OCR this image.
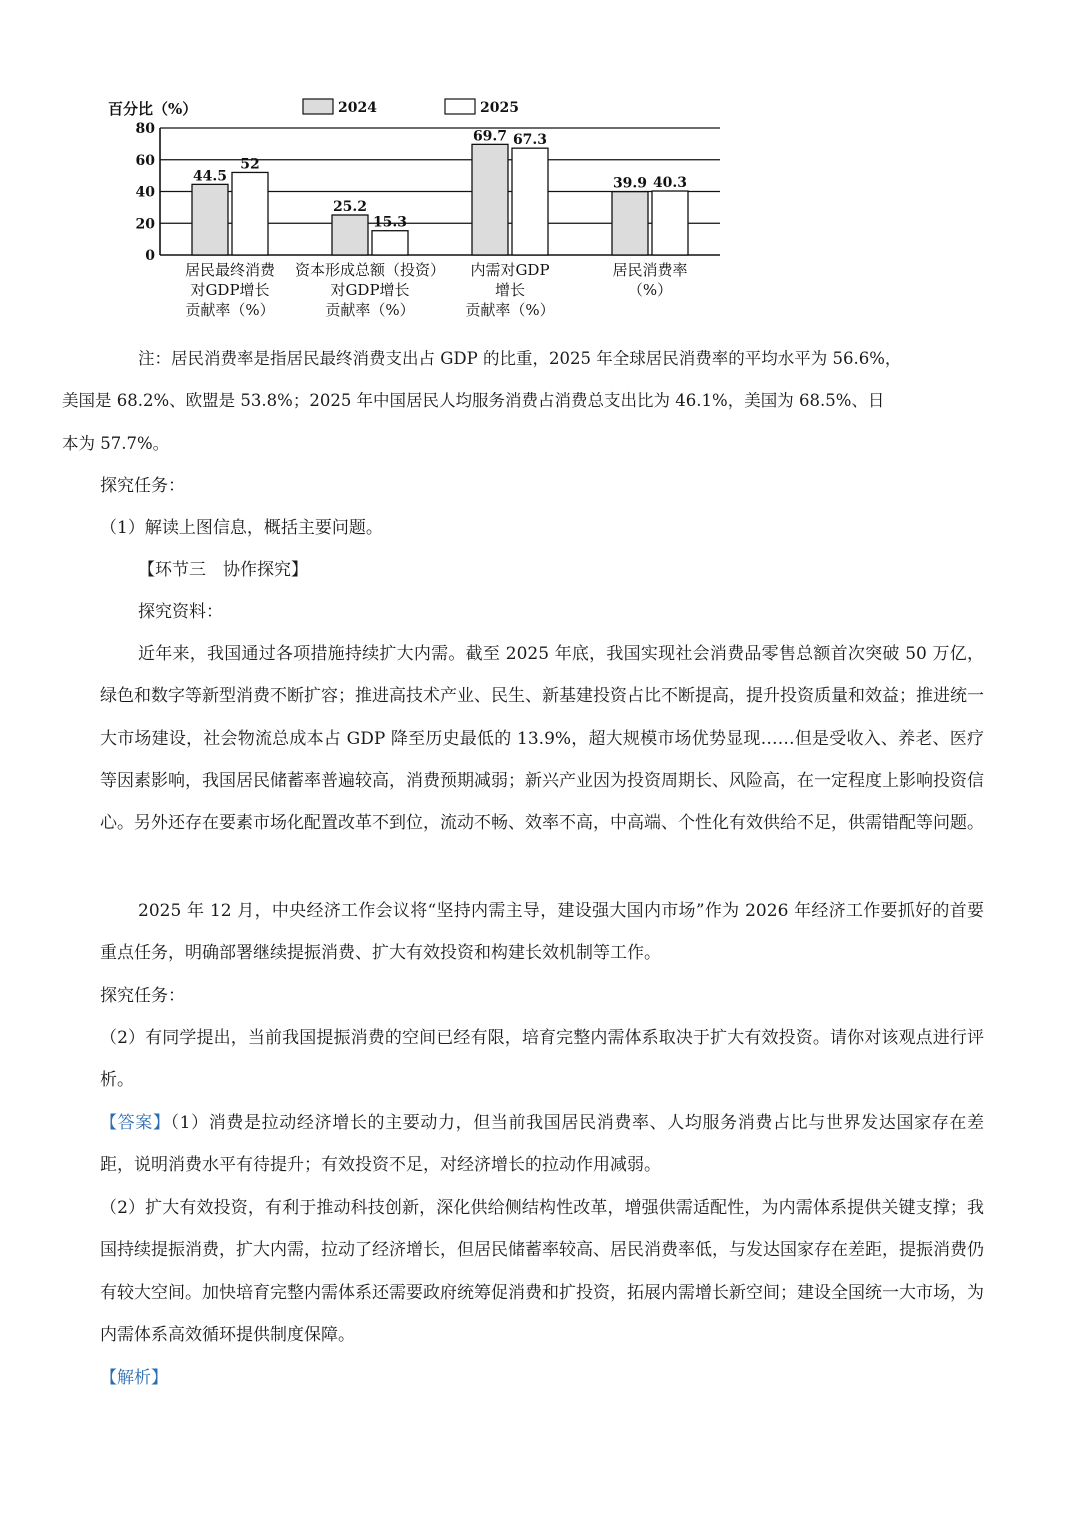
百分比（%）	2024	2025
80
60
40
20
0
44.5
52
25.2
15.3
69.7 67.3
39.9 40.3
居民最终消费
对GDP增长
贡献率（%）
资本形成总额（投资）
对GDP增长
贡献率（%）
内需对GDP
增长
贡献率（%）
居民消费率
（%）

注：居民消费率是指居民最终消费支出占 GDP 的比重，2025 年全球居民消费率的平均水平为 56.6%，
美国是 68.2%、欧盟是 53.8%；2025 年中国居民人均服务消费占消费总支出比为 46.1%，美国为 68.5%、日
本为 57.7%。

探究任务：

（1）解读上图信息，概括主要问题。

【环节三　协作探究】

探究资料：

近年来，我国通过各项措施持续扩大内需。截至 2025 年底，我国实现社会消费品零售总额首次突破 50 万亿，绿色和数字等新型消费不断扩容；推进高技术产业、民生、新基建投资占比不断提高，提升投资质量和效益；推进统一大市场建设，社会物流总成本占 GDP 降至历史最低的 13.9%，超大规模市场优势显现……但是受收入、养老、医疗等因素影响，我国居民储蓄率普遍较高，消费预期减弱；新兴产业因为投资周期长、风险高，在一定程度上影响投资信心。另外还存在要素市场化配置改革不到位，流动不畅、效率不高，中高端、个性化有效供给不足，供需错配等问题。

2025 年 12 月，中央经济工作会议将“坚持内需主导，建设强大国内市场”作为 2026 年经济工作要抓好的首要重点任务，明确部署继续提振消费、扩大有效投资和构建长效机制等工作。

探究任务：

（2）有同学提出，当前我国提振消费的空间已经有限，培育完整内需体系取决于扩大有效投资。请你对该观点进行评析。

【答案】（1）消费是拉动经济增长的主要动力，但当前我国居民消费率、人均服务消费占比与世界发达国家存在差距，说明消费水平有待提升；有效投资不足，对经济增长的拉动作用减弱。

（2）扩大有效投资，有利于推动科技创新，深化供给侧结构性改革，增强供需适配性，为内需体系提供关键支撑；我国持续提振消费，扩大内需，拉动了经济增长，但居民储蓄率较高、居民消费率低，与发达国家存在差距，提振消费仍有较大空间。加快培育完整内需体系还需要政府统筹促消费和扩投资，拓展内需增长新空间；建设全国统一大市场，为内需体系高效循环提供制度保障。

【解析】
